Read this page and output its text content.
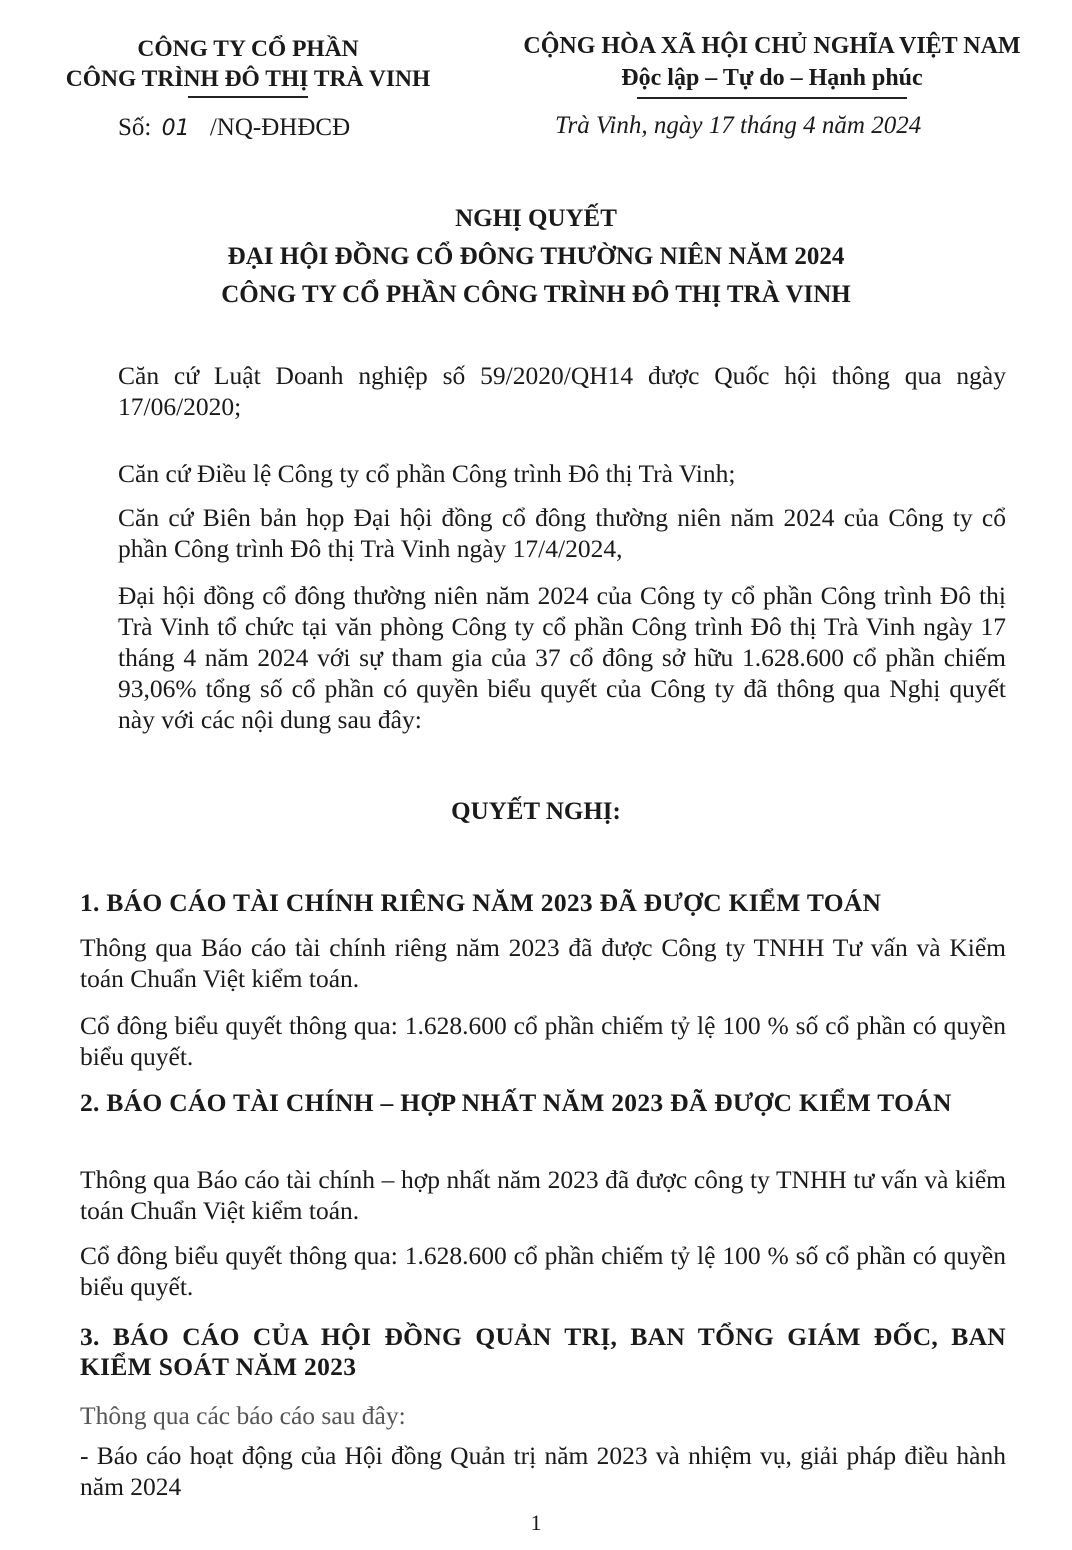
CÔNG TY CỔ PHẦN
CÔNG TRÌNH ĐÔ THỊ TRÀ VINH
CỘNG HÒA XÃ HỘI CHỦ NGHĨA VIỆT NAM
Độc lập – Tự do – Hạnh phúc
Số: 01 /NQ-ĐHĐCĐ	Trà Vinh, ngày 17 tháng 4 năm 2024
NGHỊ QUYẾT
ĐẠI HỘI ĐỒNG CỔ ĐÔNG THƯỜNG NIÊN NĂM 2024
CÔNG TY CỔ PHẦN CÔNG TRÌNH ĐÔ THỊ TRÀ VINH
Căn cứ Luật Doanh nghiệp số 59/2020/QH14 được Quốc hội thông qua ngày 17/06/2020;
Căn cứ Điều lệ Công ty cổ phần Công trình Đô thị Trà Vinh;
Căn cứ Biên bản họp Đại hội đồng cổ đông thường niên năm 2024 của Công ty cổ phần Công trình Đô thị Trà Vinh ngày 17/4/2024,
Đại hội đồng cổ đông thường niên năm 2024 của Công ty cổ phần Công trình Đô thị Trà Vinh tổ chức tại văn phòng Công ty cổ phần Công trình Đô thị Trà Vinh ngày 17 tháng 4 năm 2024 với sự tham gia của 37 cổ đông sở hữu 1.628.600 cổ phần chiếm 93,06% tổng số cổ phần có quyền biểu quyết của Công ty đã thông qua Nghị quyết này với các nội dung sau đây:
QUYẾT NGHỊ:
1. BÁO CÁO TÀI CHÍNH RIÊNG NĂM 2023 ĐÃ ĐƯỢC KIỂM TOÁN
Thông qua Báo cáo tài chính riêng năm 2023 đã được Công ty TNHH Tư vấn và Kiểm toán Chuẩn Việt kiểm toán.
Cổ đông biểu quyết thông qua: 1.628.600 cổ phần chiếm tỷ lệ 100 % số cổ phần có quyền biểu quyết.
2. BÁO CÁO TÀI CHÍNH – HỢP NHẤT NĂM 2023 ĐÃ ĐƯỢC KIỂM TOÁN
Thông qua Báo cáo tài chính – hợp nhất năm 2023 đã được công ty TNHH tư vấn và kiểm toán Chuẩn Việt kiểm toán.
Cổ đông biểu quyết thông qua: 1.628.600 cổ phần chiếm tỷ lệ 100 % số cổ phần có quyền biểu quyết.
3. BÁO CÁO CỦA HỘI ĐỒNG QUẢN TRỊ, BAN TỔNG GIÁM ĐỐC, BAN KIỂM SOÁT NĂM 2023
Thông qua các báo cáo sau đây:
- Báo cáo hoạt động của Hội đồng Quản trị năm 2023 và nhiệm vụ, giải pháp điều hành năm 2024
1
